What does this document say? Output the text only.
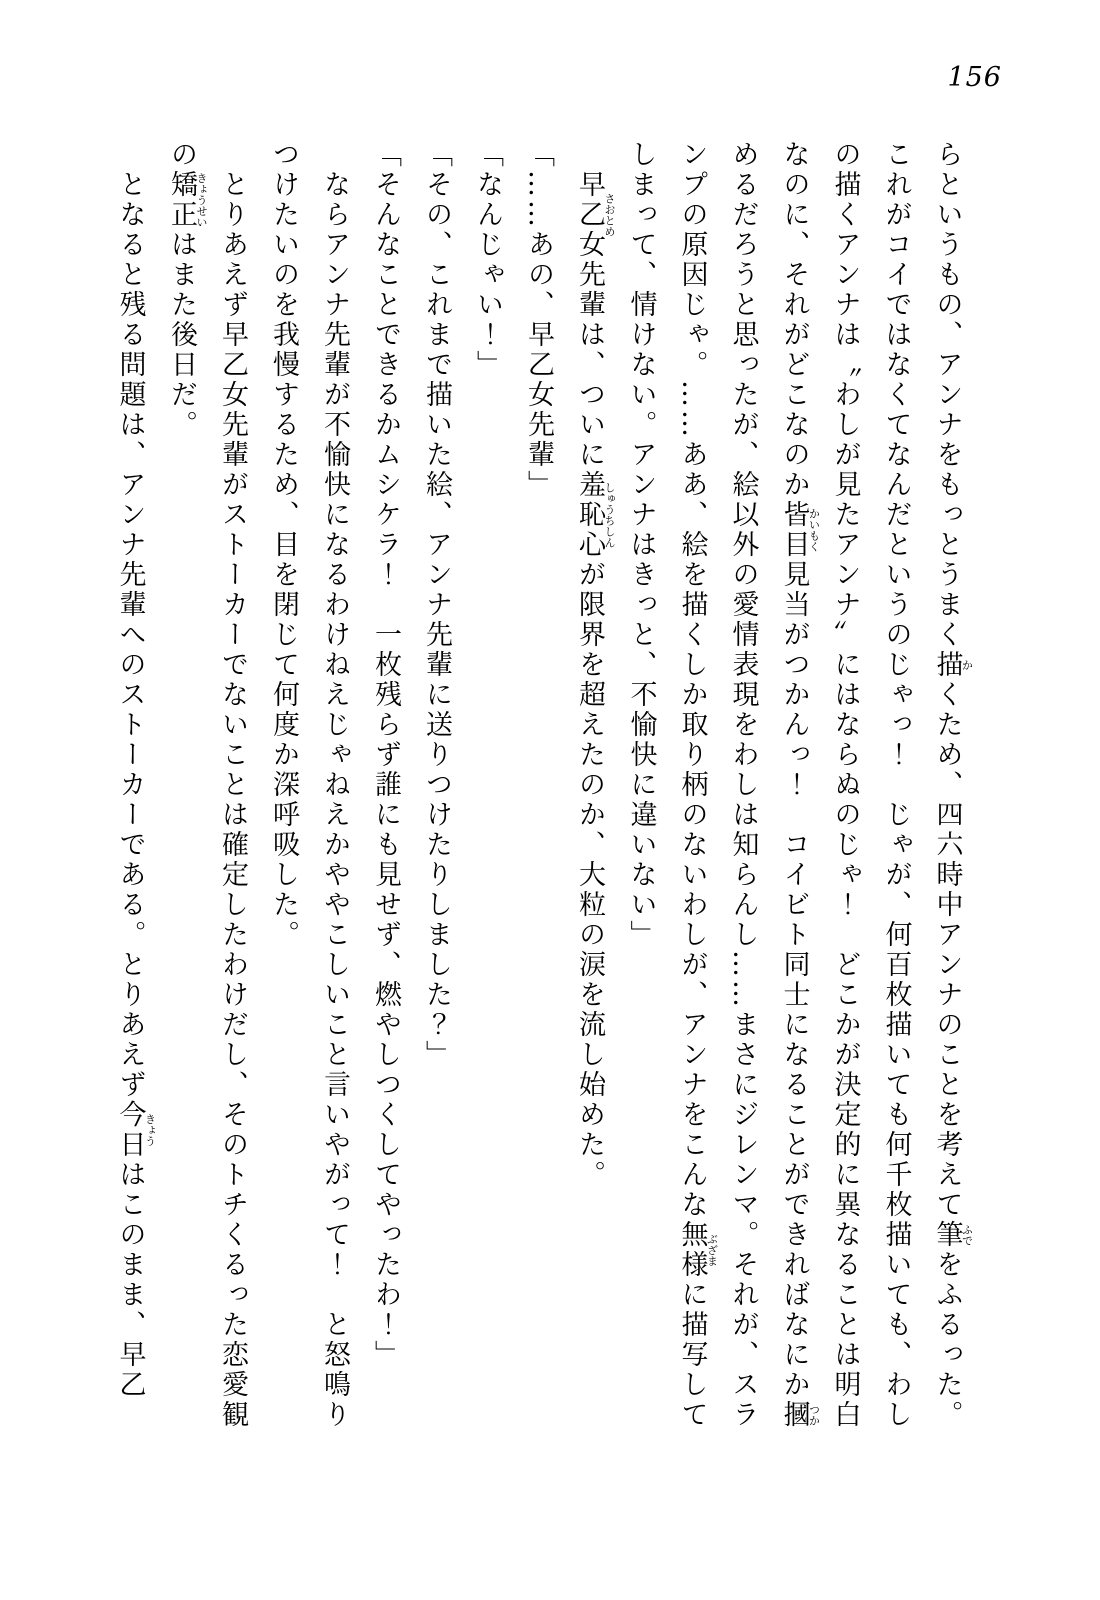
156

らというもの、アンナをもっとうまく描かくため、四六時中アンナのことを考えて筆ふでをふるった。これがコイではなくてなんだというのじゃっ！　じゃが、何百枚描いても何千枚描いても、わしの描くアンナは〝わしが見たアンナ〟にはならぬのじゃ！　どこかが決定的に異なることは明白なのに、それがどこなのか皆目かいもく見当がつかんっ！　コイビト同士になることができればなにか摑つかめるだろうと思ったが、絵以外の愛情表現をわしは知らんし……まさにジレンマ。それが、スランプの原因じゃ。……ああ、絵を描くしか取り柄のないわしが、アンナをこんな無様ぶざまに描写してしまって、情けない。アンナはきっと、不愉快に違いない」

早乙女さおとめ先輩は、ついに羞恥心しゅうちしんが限界を超えたのか、大粒の涙を流し始めた。

「……あの、早乙女先輩」

「なんじゃい！」

「その、これまで描いた絵、アンナ先輩に送りつけたりしました？」

「そんなことできるかムシケラ！　一枚残らず誰にも見せず、燃やしつくしてやったわ！」

ならアンナ先輩が不愉快になるわけねえじゃねえかややこしいこと言いやがって！　と怒鳴りつけたいのを我慢するため、目を閉じて何度か深呼吸した。

とりあえず早乙女先輩がストーカーでないことは確定したわけだし、そのトチくるった恋愛観の矯正きょうせいはまた後日だ。

となると残る問題は、アンナ先輩へのストーカーである。とりあえず今日きょうはこのまま、早乙
